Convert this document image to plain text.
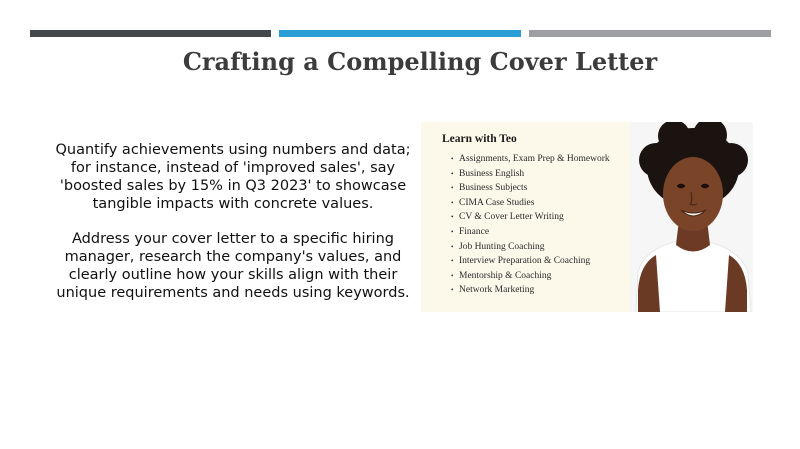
Crafting a Compelling Cover Letter

Quantify achievements using numbers and data; for instance, instead of 'improved sales', say 'boosted sales by 15% in Q3 2023' to showcase tangible impacts with concrete values.

Address your cover letter to a specific hiring manager, research the company's values, and clearly outline how your skills align with their unique requirements and needs using keywords.

Learn with Teo
• Assignments, Exam Prep & Homework
• Business English
• Business Subjects
• CIMA Case Studies
• CV & Cover Letter Writing
• Finance
• Job Hunting Coaching
• Interview Preparation & Coaching
• Mentorship & Coaching
• Network Marketing
